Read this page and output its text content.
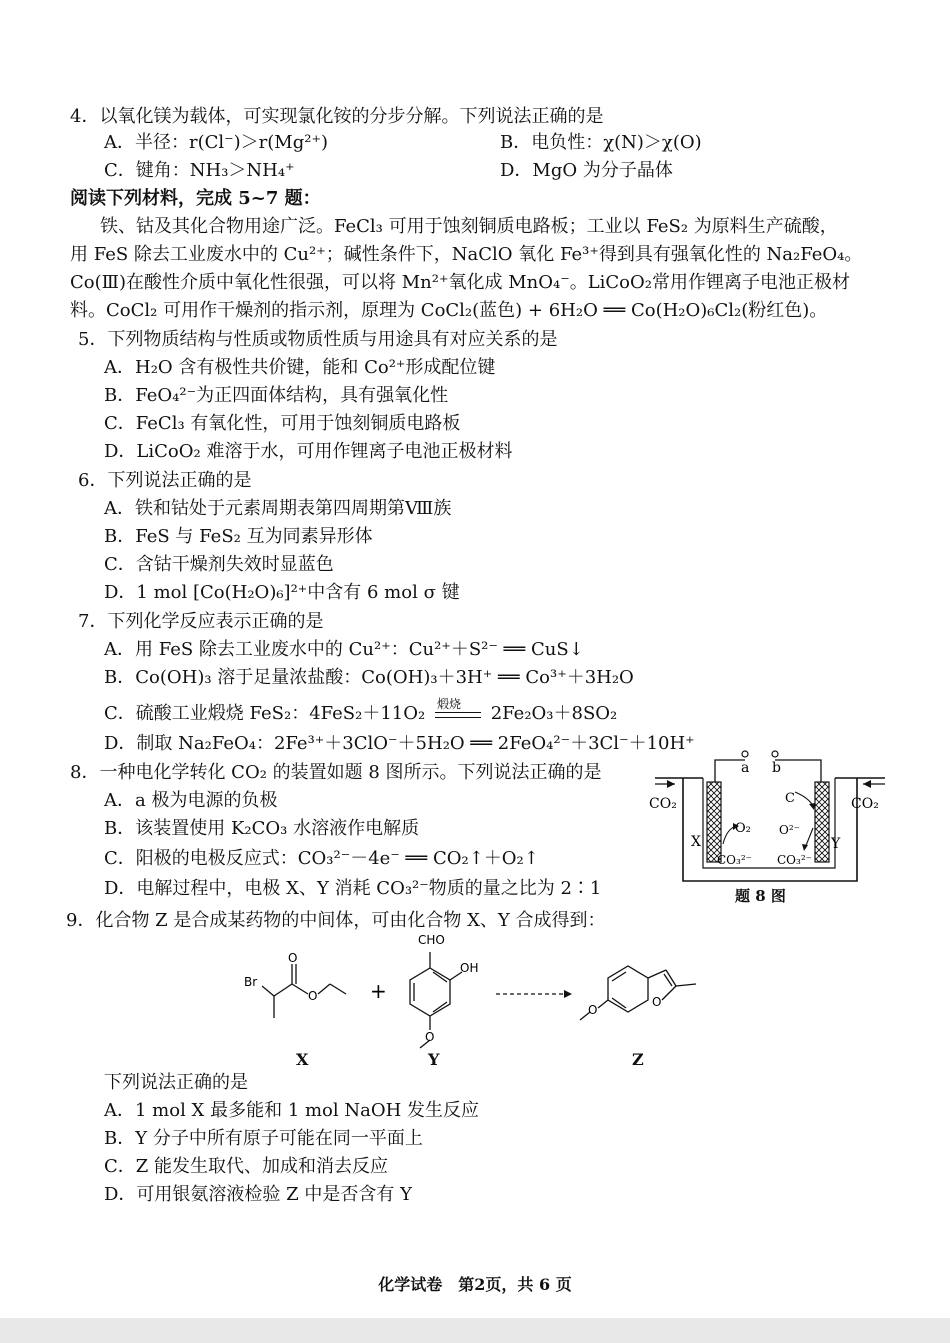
4．以氧化镁为载体，可实现氯化铵的分步分解。下列说法正确的是
A．半径：r(Cl⁻)＞r(Mg²⁺)	B．电负性：χ(N)＞χ(O)
C．键角：NH₃＞NH₄⁺	D．MgO 为分子晶体
阅读下列材料，完成 5~7 题：
铁、钴及其化合物用途广泛。FeCl₃ 可用于蚀刻铜质电路板；工业以 FeS₂ 为原料生产硫酸，
用 FeS 除去工业废水中的 Cu²⁺；碱性条件下，NaClO 氧化 Fe³⁺得到具有强氧化性的 Na₂FeO₄。
Co(Ⅲ)在酸性介质中氧化性很强，可以将 Mn²⁺氧化成 MnO₄⁻。LiCoO₂常用作锂离子电池正极材
料。CoCl₂ 可用作干燥剂的指示剂，原理为 CoCl₂(蓝色) + 6H₂O ══ Co(H₂O)₆Cl₂(粉红色)。
5．下列物质结构与性质或物质性质与用途具有对应关系的是
A．H₂O 含有极性共价键，能和 Co²⁺形成配位键
B．FeO₄²⁻为正四面体结构，具有强氧化性
C．FeCl₃ 有氧化性，可用于蚀刻铜质电路板
D．LiCoO₂ 难溶于水，可用作锂离子电池正极材料
6．下列说法正确的是
A．铁和钴处于元素周期表第四周期第Ⅷ族
B．FeS 与 FeS₂ 互为同素异形体
C．含钴干燥剂失效时显蓝色
D．1 mol [Co(H₂O)₆]²⁺中含有 6 mol σ 键
7．下列化学反应表示正确的是
A．用 FeS 除去工业废水中的 Cu²⁺：Cu²⁺＋S²⁻ ══ CuS↓
B．Co(OH)₃ 溶于足量浓盐酸：Co(OH)₃＋3H⁺ ══ Co³⁺＋3H₂O
C．硫酸工业煅烧 FeS₂：4FeS₂＋11O₂ 煅烧 2Fe₂O₃＋8SO₂
D．制取 Na₂FeO₄：2Fe³⁺＋3ClO⁻＋5H₂O ══ 2FeO₄²⁻＋3Cl⁻＋10H⁺
8．一种电化学转化 CO₂ 的装置如题 8 图所示。下列说法正确的是
A．a 极为电源的负极
B．该装置使用 K₂CO₃ 水溶液作电解质
C．阳极的电极反应式：CO₃²⁻－4e⁻ ══ CO₂↑＋O₂↑
D．电解过程中，电极 X、Y 消耗 CO₃²⁻物质的量之比为 2∶1
a b
CO₂	CO₂
X	Y
O₂
C
O²⁻
CO₃²⁻ CO₃²⁻
题 8 图
9．化合物 Z 是合成某药物的中间体，可由化合物 X、Y 合成得到：
Br
O
O	+
CHO
OH
O
O
O
X	Y	Z
下列说法正确的是
A．1 mol X 最多能和 1 mol NaOH 发生反应
B．Y 分子中所有原子可能在同一平面上
C．Z 能发生取代、加成和消去反应
D．可用银氨溶液检验 Z 中是否含有 Y
化学试卷　第2页，共 6 页
